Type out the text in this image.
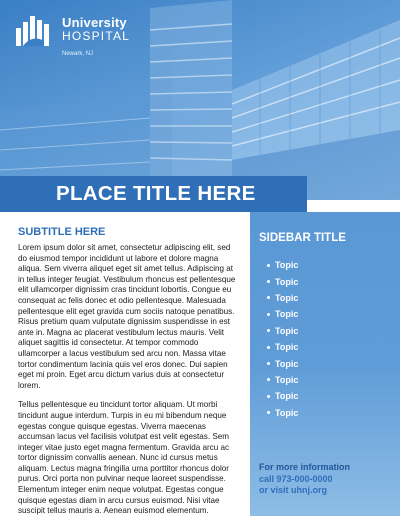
University
HOSPITAL
Newark, NJ
PLACE TITLE HERE
SUBTITLE HERE

Lorem ipsum dolor sit amet, consectetur adipiscing elit, sed do eiusmod tempor incididunt ut labore et dolore magna aliqua. Sem viverra aliquet eget sit amet tellus. Adipiscing at in tellus integer feugiat. Vestibulum rhoncus est pellentesque elit ullamcorper dignissim cras tincidunt lobortis. Congue eu consequat ac felis donec et odio pellentesque. Malesuada pellentesque elit eget gravida cum sociis natoque penatibus. Risus pretium quam vulputate dignissim suspendisse in est ante in. Magna ac placerat vestibulum lectus mauris. Velit aliquet sagittis id consectetur. At tempor commodo ullamcorper a lacus vestibulum sed arcu non. Massa vitae tortor condimentum lacinia quis vel eros donec. Dui sapien eget mi proin. Eget arcu dictum varius duis at consectetur lorem.

Tellus pellentesque eu tincidunt tortor aliquam. Ut morbi tincidunt augue interdum. Turpis in eu mi bibendum neque egestas congue quisque egestas. Viverra maecenas accumsan lacus vel facilisis volutpat est velit egestas. Sem integer vitae justo eget magna fermentum. Gravida arcu ac tortor dignissim convallis aenean. Nunc id cursus metus aliquam. Lectus magna fringilla urna porttitor rhoncus dolor purus. Orci porta non pulvinar neque laoreet suspendisse. Elementum integer enim neque volutpat. Egestas congue quisque egestas diam in arcu cursus euismod. Nisi vitae suscipit tellus mauris a. Aenean euismod elementum.

SIDEBAR TITLE
Topic
Topic
Topic
Topic
Topic
Topic
Topic
Topic
Topic
Topic
For more information
call 973-000-0000
or visit uhnj.org
